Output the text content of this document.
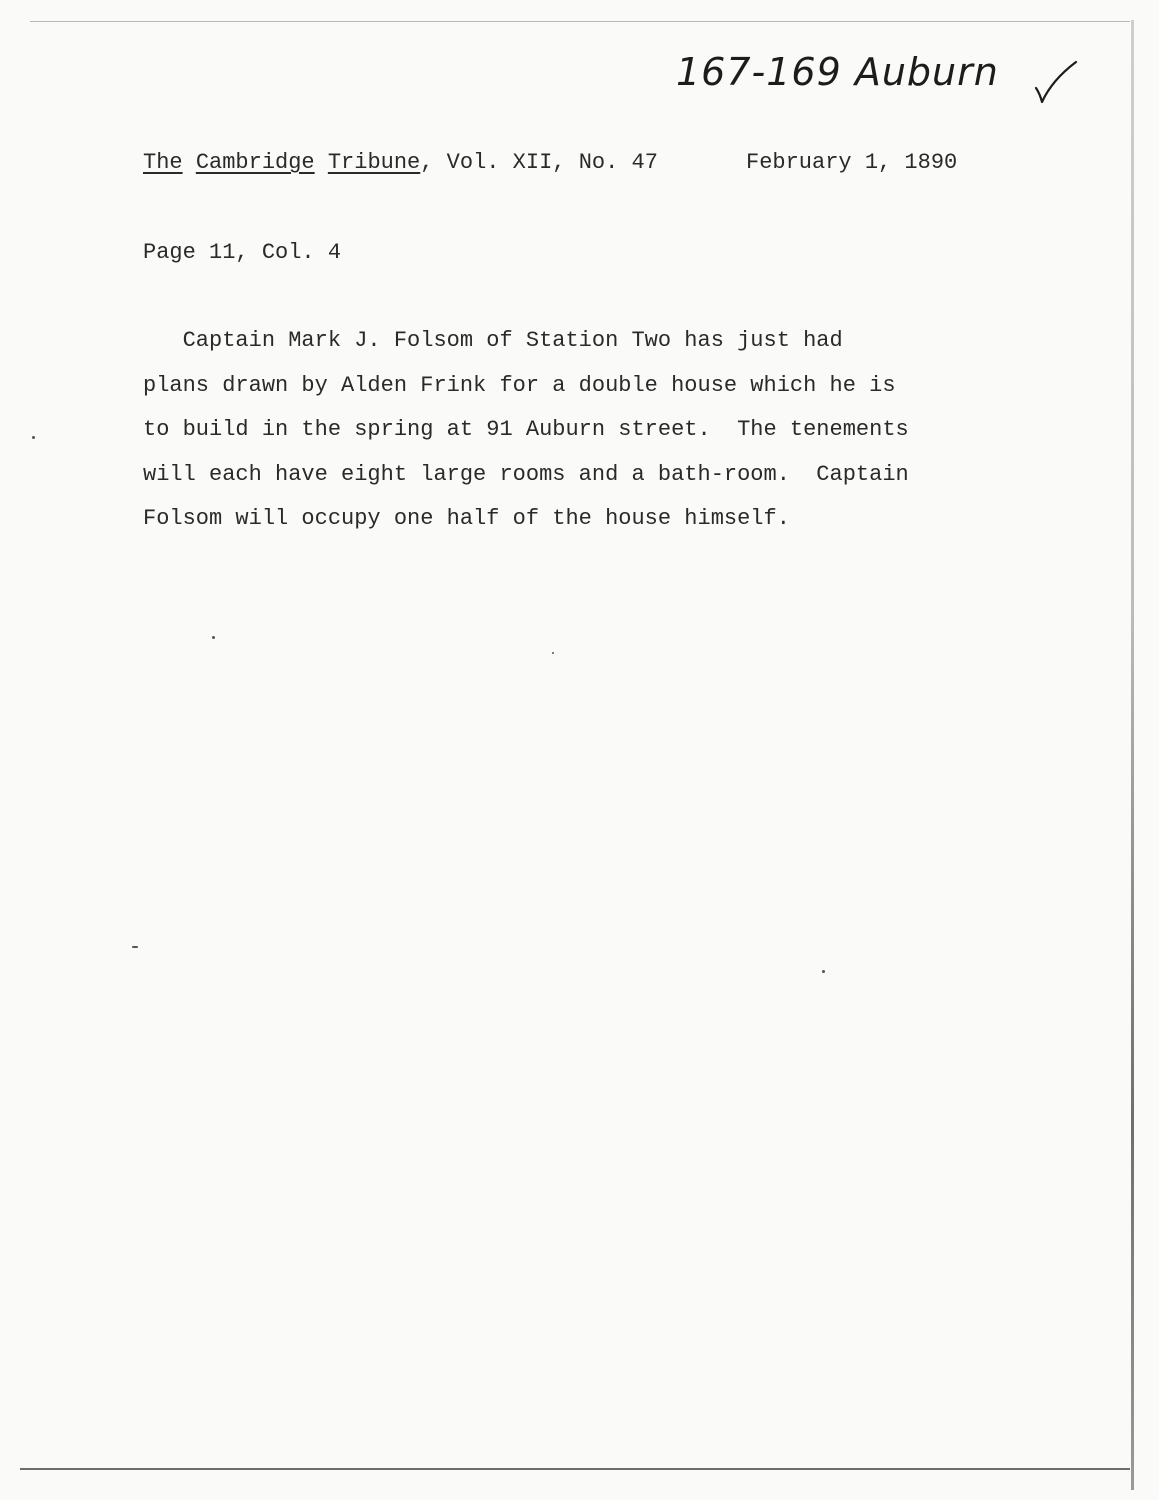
167-169 Auburn
The Cambridge Tribune, Vol. XII, No. 47	February 1, 1890
Page 11, Col. 4
Captain Mark J. Folsom of Station Two has just had
plans drawn by Alden Frink for a double house which he is
to build in the spring at 91 Auburn street.  The tenements
will each have eight large rooms and a bath-room.  Captain
Folsom will occupy one half of the house himself.
